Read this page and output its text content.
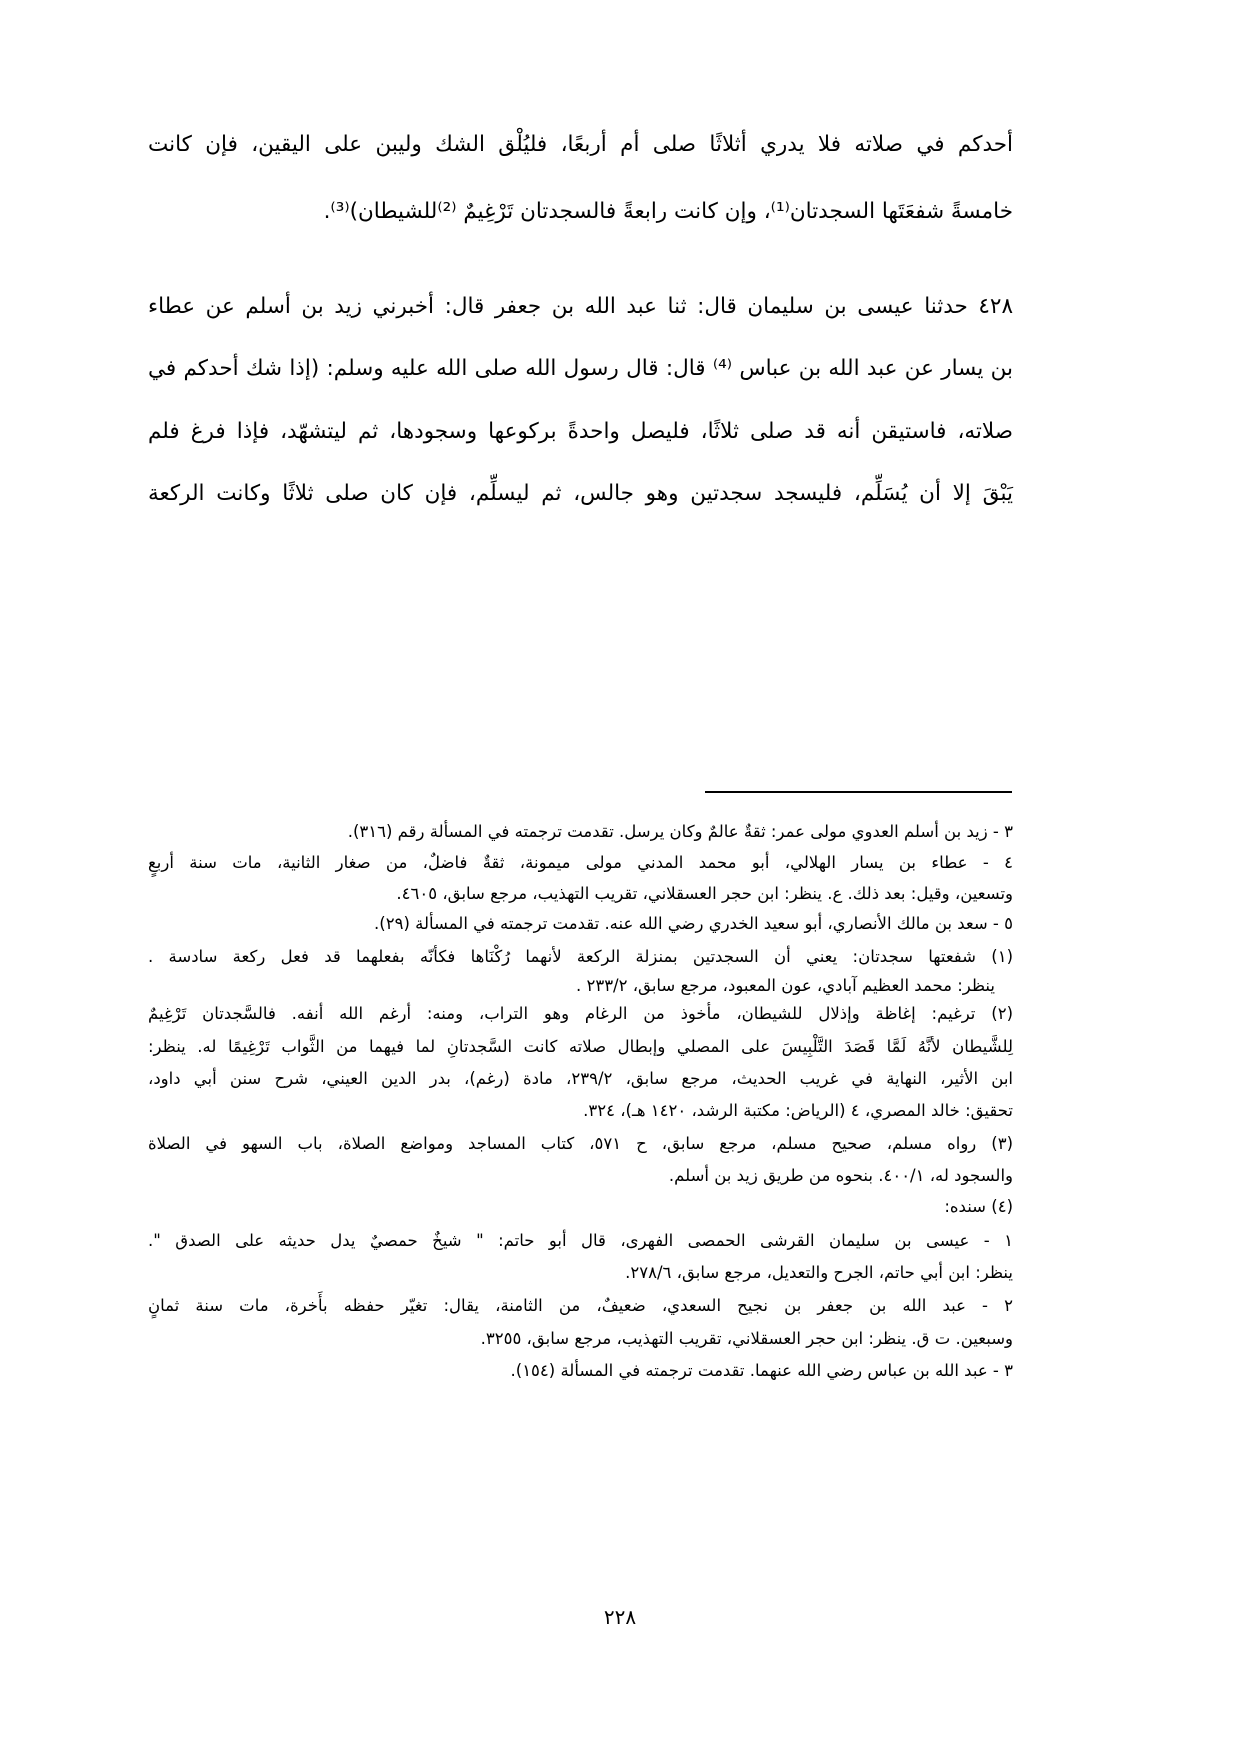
أحدكم في صلاته فلا يدري أثلاثًا صلى أم أربعًا، فليُلْق الشك وليبن على اليقين، فإن كانت

خامسةً شفعَتَها السجدتان⁽¹⁾، وإن كانت رابعةً فالسجدتان تَرْغِيمٌ ⁽²⁾للشيطان)⁽³⁾.

٤٢٨ حدثنا عيسى بن سليمان قال: ثنا عبد الله بن جعفر قال: أخبرني زيد بن أسلم عن عطاء

بن يسار عن عبد الله بن عباس ⁽⁴⁾ قال: قال رسول الله صلى الله عليه وسلم: (إذا شك أحدكم في

صلاته، فاستيقن أنه قد صلى ثلاثًا، فليصل واحدةً بركوعها وسجودها، ثم ليتشهّد، فإذا فرغ فلم

يَبْقَ إلا أن يُسَلِّم، فليسجد سجدتين وهو جالس، ثم ليسلِّم، فإن كان صلى ثلاثًا وكانت الركعة

٣ - زيد بن أسلم العدوي مولى عمر: ثقةٌ عالمٌ وكان يرسل. تقدمت ترجمته في المسألة رقم (٣١٦).

٤ - عطاء بن يسار الهلالي، أبو محمد المدني مولى ميمونة، ثقةٌ فاضلٌ، من صغار الثانية، مات سنة أربعٍ

وتسعين، وقيل: بعد ذلك. ع. ينظر: ابن حجر العسقلاني، تقريب التهذيب، مرجع سابق، ٤٦٠٥.

٥ - سعد بن مالك الأنصاري، أبو سعيد الخدري رضي الله عنه. تقدمت ترجمته في المسألة (٢٩).

(١) شفعتها سجدتان: يعني أن السجدتين بمنزلة الركعة لأنهما رُكْنَاها فكأنّه بفعلهما قد فعل ركعة سادسة .

ينظر: محمد العظيم آبادي، عون المعبود، مرجع سابق، ٢٣٣/٢ .

(٢) ترغيم: إغاظة وإذلال للشيطان، مأخوذ من الرغام وهو التراب، ومنه: أرغم الله أنفه. فالسَّجدتان تَرْغِيمٌ

لِلشَّيطان لأنَّهُ لَمَّا قَصَدَ التَّلْبِيسَ على المصلي وإبطال صلاته كانت السَّجدتانِ لما فيهما من الثَّواب تَرْغِيمًا له. ينظر:

ابن الأثير، النهاية في غريب الحديث، مرجع سابق، ٢٣٩/٢، مادة (رغم)، بدر الدين العيني، شرح سنن أبي داود،

تحقيق: خالد المصري، ٤ (الرياض: مكتبة الرشد، ١٤٢٠ هـ)، ٣٢٤.

(٣) رواه مسلم، صحيح مسلم، مرجع سابق، ح ٥٧١، كتاب المساجد ومواضع الصلاة، باب السهو في الصلاة

والسجود له، ٤٠٠/١. بنحوه من طريق زيد بن أسلم.

(٤) سنده:

١ - عيسى بن سليمان القرشى الحمصى الفهرى، قال أبو حاتم: " شيخٌ حمصيٌ يدل حديثه على الصدق ".

ينظر: ابن أبي حاتم، الجرح والتعديل، مرجع سابق، ٢٧٨/٦.

٢ - عبد الله بن جعفر بن نجيح السعدي، ضعيفٌ، من الثامنة، يقال: تغيّر حفظه بأَخرة، مات سنة ثمانٍ

وسبعين. ت ق. ينظر: ابن حجر العسقلاني، تقريب التهذيب، مرجع سابق، ٣٢٥٥.

٣ - عبد الله بن عباس رضي الله عنهما. تقدمت ترجمته في المسألة (١٥٤).

٢٢٨
